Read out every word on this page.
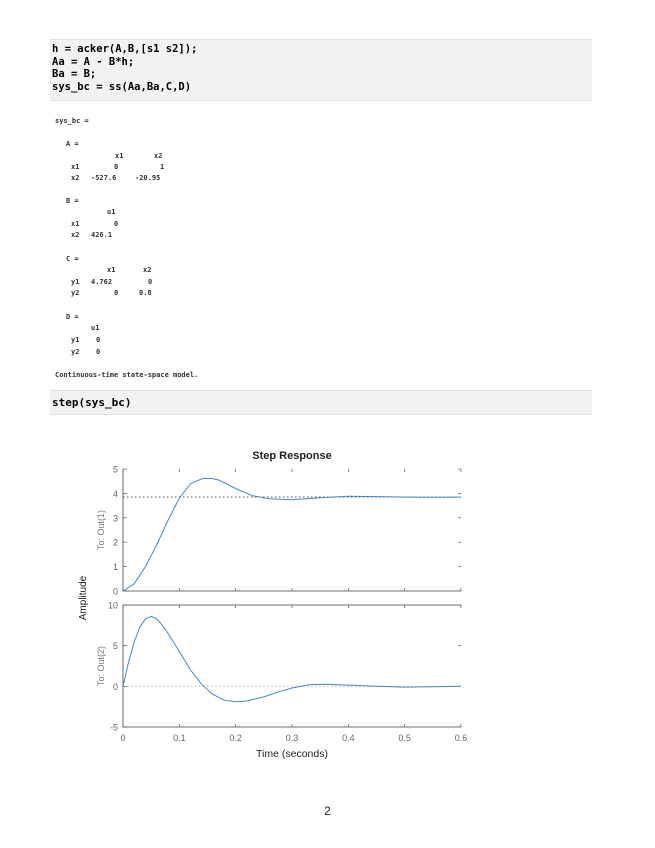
h = acker(A,B,[s1 s2]);
Aa = A - B*h;
Ba = B;
sys_bc = ss(Aa,Ba,C,D)
sys_bc =
A =
x1	x2
x1	0	1
x2 -527.6	-20.95
B =
u1
x1	0
x2 426.1
C =
x1	x2
y1 4.762	0
y2	0	0.8
D =
u1
y1 0
y2 0
Continuous-time state-space model.
step(sys_bc)
Step Response
Amplitude
Time (seconds)
0
1
2
3
4
5
To: Out(1)
-5
0
5
10
To: Out(2)
0	0.1	0.2	0.3	0.4	0.5	0.6
2
